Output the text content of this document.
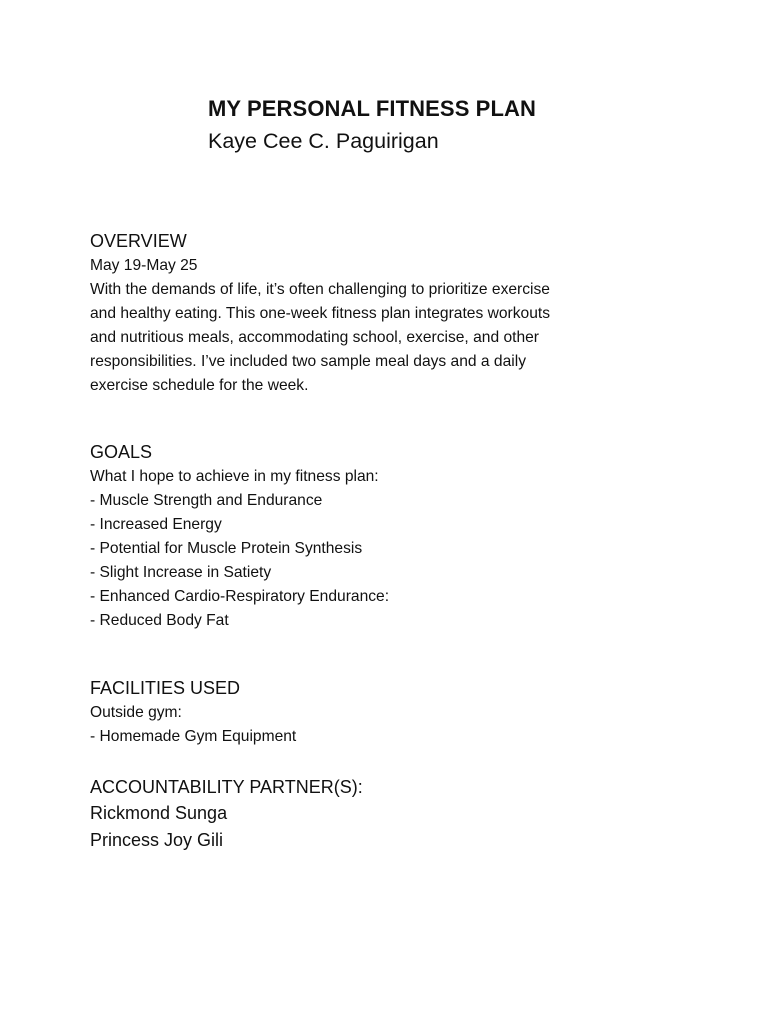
MY PERSONAL FITNESS PLAN

Kaye Cee C. Paguirigan

OVERVIEW

May 19-May 25

With the demands of life, it’s often challenging to prioritize exercise

and healthy eating. This one-week fitness plan integrates workouts

and nutritious meals, accommodating school, exercise, and other

responsibilities. I’ve included two sample meal days and a daily

exercise schedule for the week.

GOALS

What I hope to achieve in my fitness plan:

- Muscle Strength and Endurance

- Increased Energy

- Potential for Muscle Protein Synthesis

- Slight Increase in Satiety

- Enhanced Cardio-Respiratory Endurance:

- Reduced Body Fat

FACILITIES USED

Outside gym:

- Homemade Gym Equipment

ACCOUNTABILITY PARTNER(S):

Rickmond Sunga

Princess Joy Gili
